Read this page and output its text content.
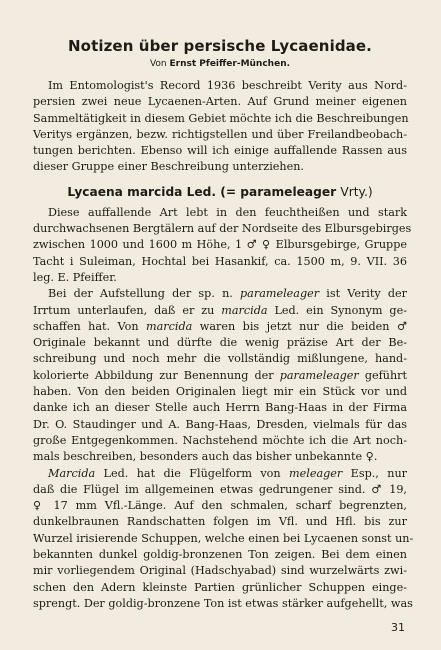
Notizen über persische Lycaenidae.
Von Ernst Pfeiffer-München.

Im Entomologist's Record 1936 beschreibt Verity aus Nord-
persien zwei neue Lycaenen-Arten. Auf Grund meiner eigenen
Sammeltätigkeit in diesem Gebiet möchte ich die Beschreibungen
Veritys ergänzen, bezw. richtigstellen und über Freilandbeobach-
tungen berichten. Ebenso will ich einige auffallende Rassen aus
dieser Gruppe einer Beschreibung unterziehen.

Lycaena marcida Led. (= parameleager Vrty.)

Diese auffallende Art lebt in den feuchtheißen und stark
durchwachsenen Bergtälern auf der Nordseite des Elbursgebirges
zwischen 1000 und 1600 m Höhe, 1 ♂ ♀ Elbursgebirge, Gruppe
Tacht i Suleiman, Hochtal bei Hasankif, ca. 1500 m, 9. VII. 36
leg. E. Pfeiffer.

Bei der Aufstellung der sp. n. parameleager ist Verity der
Irrtum unterlaufen, daß er zu marcida Led. ein Synonym ge-
schaffen hat. Von marcida waren bis jetzt nur die beiden ♂
Originale bekannt und dürfte die wenig präzise Art der Be-
schreibung und noch mehr die vollständig mißlungene, hand-
kolorierte Abbildung zur Benennung der parameleager geführt
haben. Von den beiden Originalen liegt mir ein Stück vor und
danke ich an dieser Stelle auch Herrn Bang-Haas in der Firma
Dr. O. Staudinger und A. Bang-Haas, Dresden, vielmals für das
große Entgegenkommen. Nachstehend möchte ich die Art noch-
mals beschreiben, besonders auch das bisher unbekannte ♀.

Marcida Led. hat die Flügelform von meleager Esp., nur
daß die Flügel im allgemeinen etwas gedrungener sind. ♂ 19,
♀ 17 mm Vfl.-Länge. Auf den schmalen, scharf begrenzten,
dunkelbraunen Randschatten folgen im Vfl. und Hfl. bis zur
Wurzel irisierende Schuppen, welche einen bei Lycaenen sonst un-
bekannten dunkel goldig-bronzenen Ton zeigen. Bei dem einen
mir vorliegendem Original (Hadschyabad) sind wurzelwärts zwi-
schen den Adern kleinste Partien grünlicher Schuppen einge-
sprengt. Der goldig-bronzene Ton ist etwas stärker aufgehellt, was

31
